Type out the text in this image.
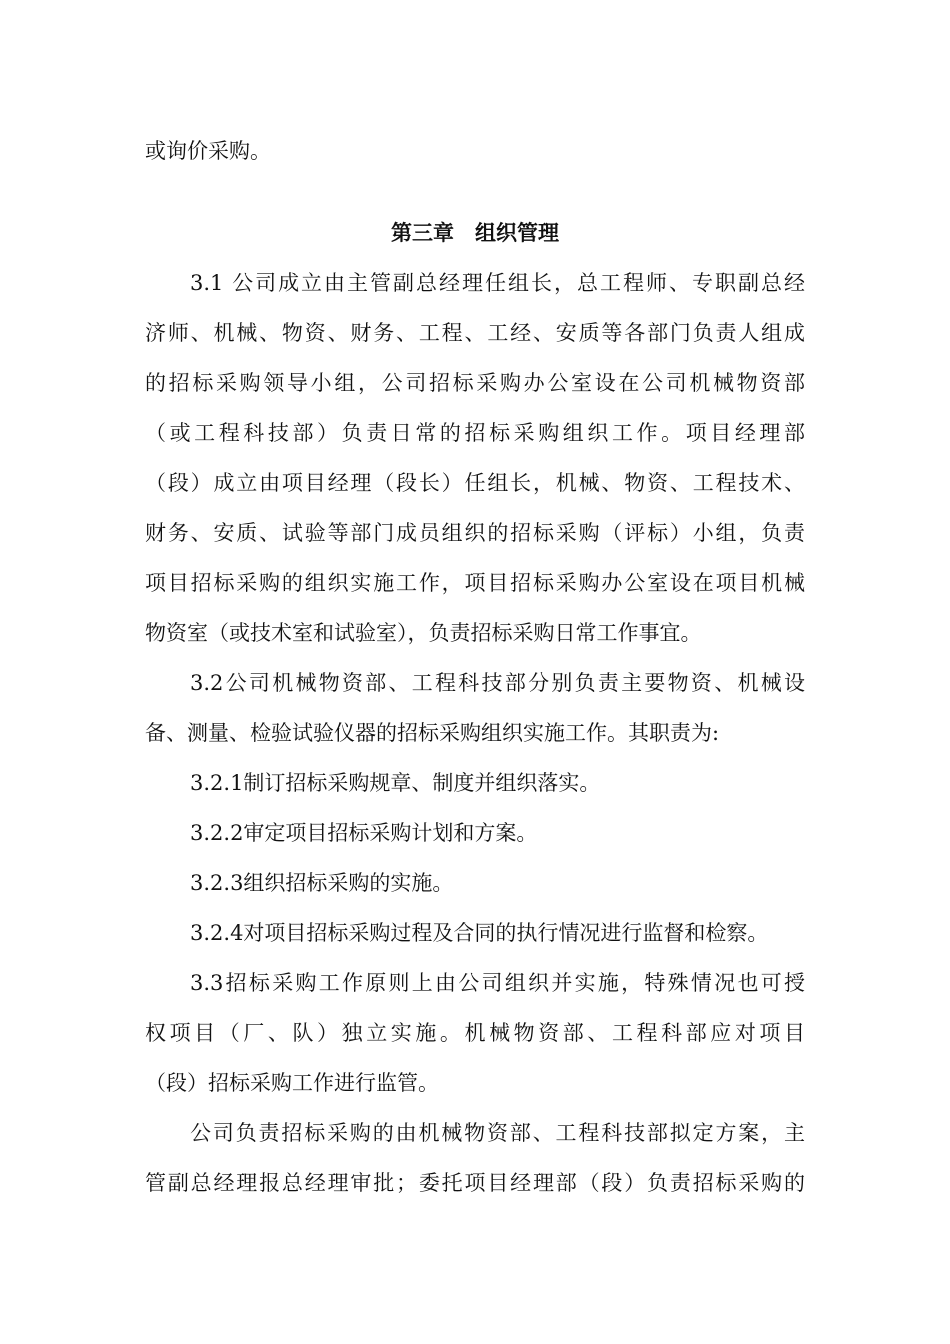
或询价采购。
第三章　组织管理
3.1 公司成立由主管副总经理任组长，总工程师、专职副总经
济师、机械、物资、财务、工程、工经、安质等各部门负责人组成
的招标采购领导小组，公司招标采购办公室设在公司机械物资部
（或工程科技部）负责日常的招标采购组织工作。项目经理部
（段）成立由项目经理（段长）任组长，机械、物资、工程技术、
财务、安质、试验等部门成员组织的招标采购（评标）小组，负责
项目招标采购的组织实施工作，项目招标采购办公室设在项目机械
物资室（或技术室和试验室），负责招标采购日常工作事宜。
3.2公司机械物资部、工程科技部分别负责主要物资、机械设
备、测量、检验试验仪器的招标采购组织实施工作。其职责为:
3.2.1制订招标采购规章、制度并组织落实。
3.2.2审定项目招标采购计划和方案。
3.2.3组织招标采购的实施。
3.2.4对项目招标采购过程及合同的执行情况进行监督和检察。
3.3招标采购工作原则上由公司组织并实施，特殊情况也可授
权项目（厂、队）独立实施。机械物资部、工程科部应对项目
（段）招标采购工作进行监管。
公司负责招标采购的由机械物资部、工程科技部拟定方案，主
管副总经理报总经理审批；委托项目经理部（段）负责招标采购的
